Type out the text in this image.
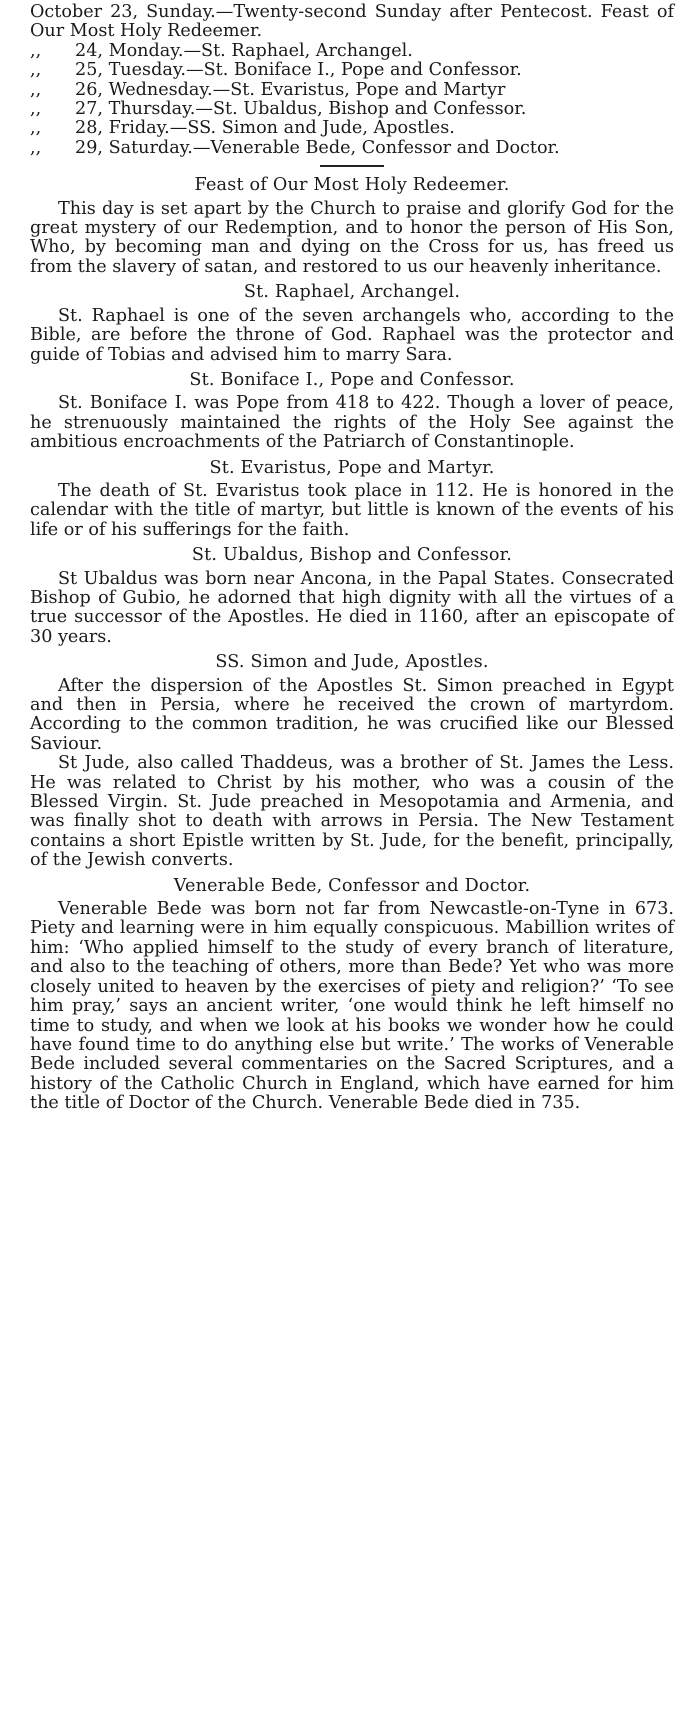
October 23, Sunday.—Twenty-second Sunday after Pentecost. Feast of Our Most Holy Redeemer.
,,	24, Monday.—St. Raphael, Archangel.
,,	25, Tuesday.—St. Boniface I., Pope and Confessor.
,,	26, Wednesday.—St. Evaristus, Pope and Martyr
,,	27, Thursday.—St. Ubaldus, Bishop and Confessor.
,,	28, Friday.—SS. Simon and Jude, Apostles.
,,	29, Saturday.—Venerable Bede, Confessor and Doctor.
Feast of Our Most Holy Redeemer.

This day is set apart by the Church to praise and glorify God for the great mystery of our Redemption, and to honor the person of His Son, Who, by becoming man and dying on the Cross for us, has freed us from the slavery of satan, and restored to us our heavenly inheritance.

St. Raphael, Archangel.

St. Raphael is one of the seven archangels who, according to the Bible, are before the throne of God. Raphael was the protector and guide of Tobias and advised him to marry Sara.

St. Boniface I., Pope and Confessor.

St. Boniface I. was Pope from 418 to 422. Though a lover of peace, he strenuously maintained the rights of the Holy See against the ambitious encroachments of the Patriarch of Constantinople.

St. Evaristus, Pope and Martyr.

The death of St. Evaristus took place in 112. He is honored in the calendar with the title of martyr, but little is known of the events of his life or of his sufferings for the faith.

St. Ubaldus, Bishop and Confessor.

St Ubaldus was born near Ancona, in the Papal States. Consecrated Bishop of Gubio, he adorned that high dignity with all the virtues of a true successor of the Apostles. He died in 1160, after an episcopate of 30 years.

SS. Simon and Jude, Apostles.

After the dispersion of the Apostles St. Simon preached in Egypt and then in Persia, where he received the crown of martyrdom. According to the common tradition, he was crucified like our Blessed Saviour.

St Jude, also called Thaddeus, was a brother of St. James the Less. He was related to Christ by his mother, who was a cousin of the Blessed Virgin. St. Jude preached in Mesopotamia and Armenia, and was finally shot to death with arrows in Persia. The New Testament contains a short Epistle written by St. Jude, for the benefit, principally, of the Jewish converts.

Venerable Bede, Confessor and Doctor.

Venerable Bede was born not far from Newcastle-on-Tyne in 673. Piety and learning were in him equally conspicuous. Mabillion writes of him: ‘Who applied himself to the study of every branch of literature, and also to the teaching of others, more than Bede? Yet who was more closely united to heaven by the exercises of piety and religion?’ ‘To see him pray,’ says an ancient writer, ‘one would think he left himself no time to study, and when we look at his books we wonder how he could have found time to do anything else but write.’ The works of Venerable Bede included several commentaries on the Sacred Scriptures, and a history of the Catholic Church in England, which have earned for him the title of Doctor of the Church. Venerable Bede died in 735.
